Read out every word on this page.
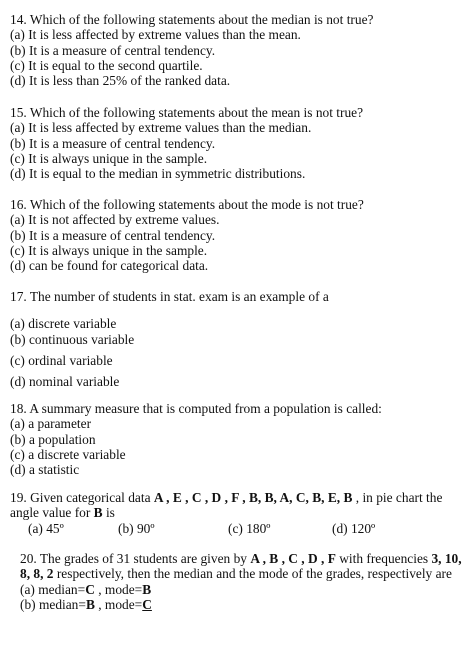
14. Which of the following statements about the median is not true?

(a) It is less affected by extreme values than the mean.

(b) It is a measure of central tendency.

(c) It is equal to the second quartile.

(d) It is less than 25% of the ranked data.

15. Which of the following statements about the mean is not true?

(a) It is less affected by extreme values than the median.

(b) It is a measure of central tendency.

(c) It is always unique in the sample.

(d) It is equal to the median in symmetric distributions.

16. Which of the following statements about the mode is not true?

(a) It is not affected by extreme values.

(b) It is a measure of central tendency.

(c) It is always unique in the sample.

(d) can be found for categorical data.

17. The number of students in stat. exam is an example of a

(a) discrete variable

(b) continuous variable

(c) ordinal variable

(d) nominal variable

18. A summary measure that is computed from a population is called:

(a) a parameter

(b) a population

(c) a discrete variable

(d) a statistic

19. Given categorical data A , E , C , D , F , B, B, A, C, B, E, B , in pie chart the angle value for B is

(a) 45º	(b) 90º	(c) 180º	(d) 120º

20. The grades of 31 students are given by A , B , C , D , F with frequencies 3, 10, 8, 8, 2 respectively, then the median and the mode of the grades, respectively are

(a) median=C , mode=B

(b) median=B , mode=C
